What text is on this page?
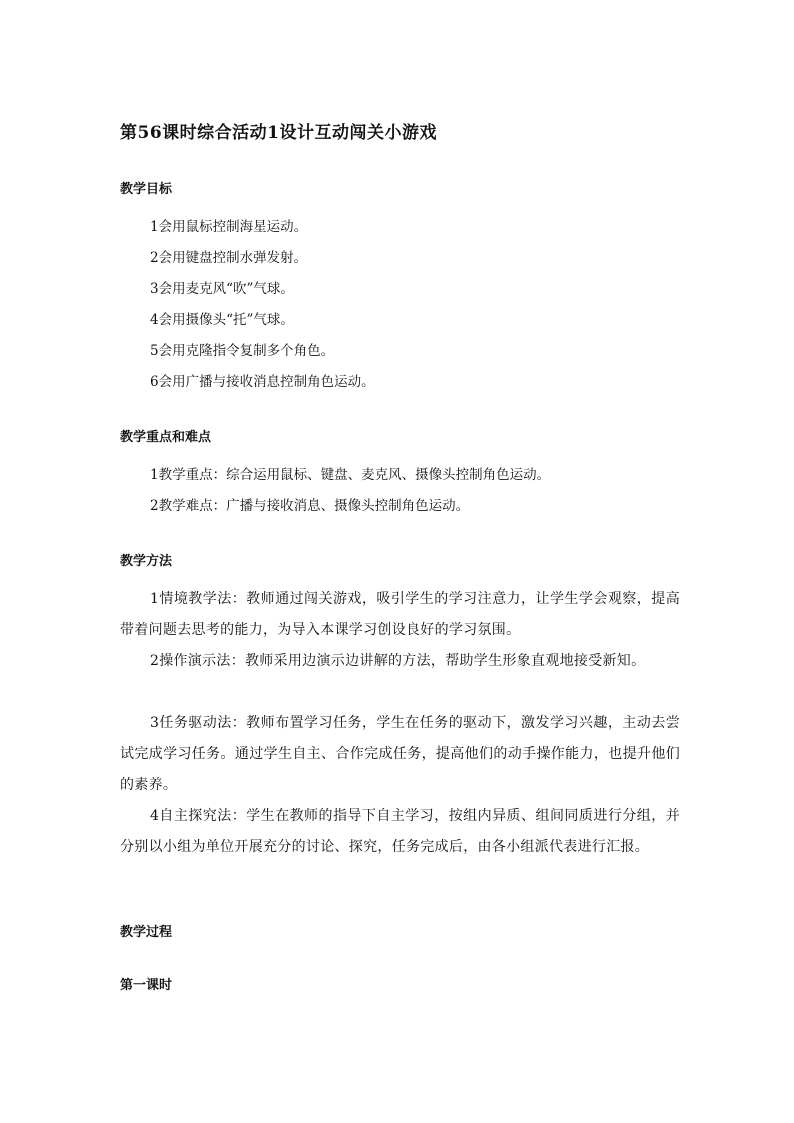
第56课时综合活动1设计互动闯关小游戏
教学目标
1会用鼠标控制海星运动。
2会用键盘控制水弹发射。
3会用麦克风“吹”气球。
4会用摄像头“托”气球。
5会用克隆指令复制多个角色。
6会用广播与接收消息控制角色运动。
教学重点和难点
1教学重点：综合运用鼠标、键盘、麦克风、摄像头控制角色运动。
2教学难点：广播与接收消息、摄像头控制角色运动。
教学方法
1情境教学法：教师通过闯关游戏，吸引学生的学习注意力，让学生学会观察，提高带着问题去思考的能力，为导入本课学习创设良好的学习氛围。
2操作演示法：教师采用边演示边讲解的方法，帮助学生形象直观地接受新知。
3任务驱动法：教师布置学习任务，学生在任务的驱动下，激发学习兴趣，主动去尝试完成学习任务。通过学生自主、合作完成任务，提高他们的动手操作能力，也提升他们的素养。
4自主探究法：学生在教师的指导下自主学习，按组内异质、组间同质进行分组，并分别以小组为单位开展充分的讨论、探究，任务完成后，由各小组派代表进行汇报。
教学过程
第一课时
